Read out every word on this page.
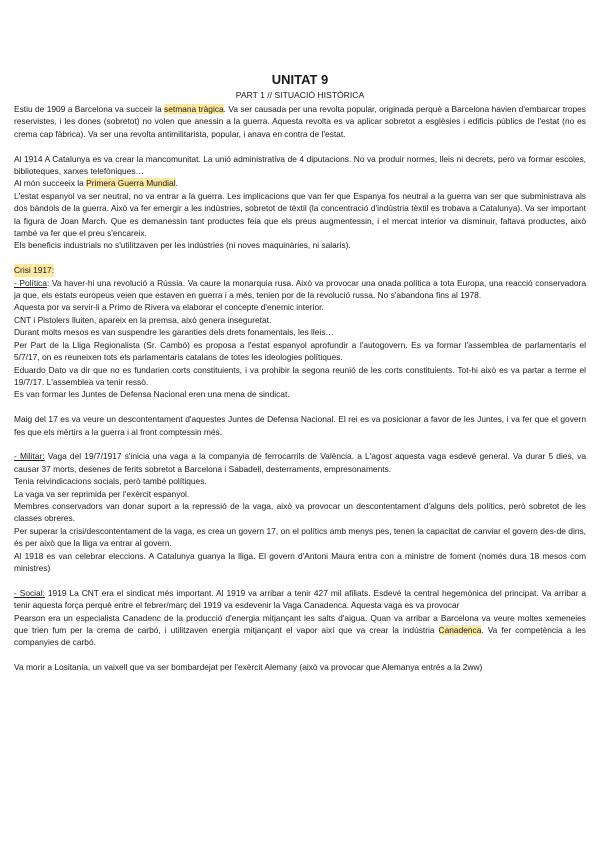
UNITAT 9
PART 1 // SITUACIÓ HISTÒRICA

Estiu de 1909 a Barcelona va succeir la setmana tràgica. Va ser causada per una revolta popular, originada perquè a Barcelona havien d'embarcar tropes reservistes, i les dones (sobretot) no volen que anessin a la guerra. Aquesta revolta es va aplicar sobretot a esglèsies i edificis públics de l'estat (no es crema cap fàbrica). Va ser una revolta antimilitarista, popular, i anava en contra de l'estat.

Al 1914 A Catalunya es va crear la mancomunitat. La unió administrativa de 4 diputacions. No va produir normes, lleis ni decrets, pero va formar escoles, biblioteques, xarxes telefòniques…

Al món succeeix la Primera Guerra Mundial.

L'estat espanyol va ser neutral, no va entrar a la guerra. Les implicacions que van fer que Espanya fos neutral a la guerra van ser que subministrava als dos bàndols de la guerra. Això va fer emergir a les indústries, sobretot de tèxtil (la concentració d'indústria tèxtil es trobava a Catalunya). Va ser important la figura de Joan March. Que es demanessin tant productes feia que els preus augmentessin, i el mercat interior va disminuir, faltava productes, això també va fer que el preu s'encareix.

Els beneficis industrials no s'utilitzaven per les indústries (ni noves maquinàries, ni salaris).

Crisi 1917:

- Política: Va haver-hi una revolució a Rússia. Va caure la monarquia rusa. Això va provocar una onada política a tota Europa, una reacció conservadora ja que, els estats europeus veien que estaven en guerra i a més, tenien por de la revolució russa. No s'abandona fins al 1978.

Aquesta por va servir-li a Primo de Rivera va elaborar el concepte d'enemic interior.

CNT i Pistolers lluiten, apareix en la premsa, això genera inseguretat.

Durant molts mesos es van suspendre les garanties dels drets fonamentals, les lleis…

Per Part de la Lliga Regionalista (Sr. Cambó) es proposa a l'estat espanyol aprofundir a l'autogovern. Es va formar l'assemblea de parlamentaris el 5/7/17, on es reuneixen tots els parlamentaris catalans de totes les ideologies polítiques.

Eduardo Dato va dir que no es fundarien corts constituients, i va prohibir la segona reunió de les corts constituients. Tot-hi això es va partar a terme el 19/7/17. L'assemblea va tenir ressò.

Es van formar les Juntes de Defensa Nacional eren una mena de sindicat.

Maig del 17 es va veure un descontentament d'aquestes Juntes de Defensa Nacional. El rei es va posicionar a favor de les Juntes, i va fer que el govern fes que els mèrtirs a la guerra i al front comptessin més.

- Militar: Vaga del 19/7/1917 s'inicia una vaga a la companyia de ferrocarrils de València. a L'agost aquesta vaga esdevé general. Va durar 5 dies, va causar 37 morts, desenes de ferits sobretot a Barcelona i Sabadell, desterraments, empresonaments.

Tenia reivindicacions socials, però també polítiques.

La vaga va ser reprimida per l'exèrcit espanyol.

Membres conservadors van donar suport a la repressió de la vaga, això va provocar un descontentament d'alguns dels polítics, però sobretot de les classes obreres.

Per superar la crisi/descontentament de la vaga, es crea un govern 17, on el polítics amb menys pes, tenen la capacitat de canviar el govern des-de dins, és per això que la lliga va entrar al govern.

Al 1918 es van celebrar eleccions. A Catalunya guanya la lliga. El govern d'Antoni Maura entra con a ministre de foment (només dura 18 mesos com ministres)

- Social: 1919 La CNT era el sindicat més important. Al 1919 va arribar a tenir 427 mil afiliats. Esdevé la central hegemònica del principat. Va arribar a tenir aquesta força perquè entre el febrer/març del 1919 va esdevenir la Vaga Canadenca. Aquesta vaga es va provocar

Pearson era un especialista Canadenc de la producció d'energia mitjançant les salts d'aigua. Quan va arribar a Barcelona va veure moltes xemeneies que trien fum per la crema de carbó, i utilitzaven energia mitjançant el vapor així que va crear la indústria Canadenca. Va fer competència a les companyies de carbó.

Va morir a Lositania, un vaixell que va ser bombardejat per l'exèrcit Alemany (això va provocar que Alemanya entrés a la 2ww)
